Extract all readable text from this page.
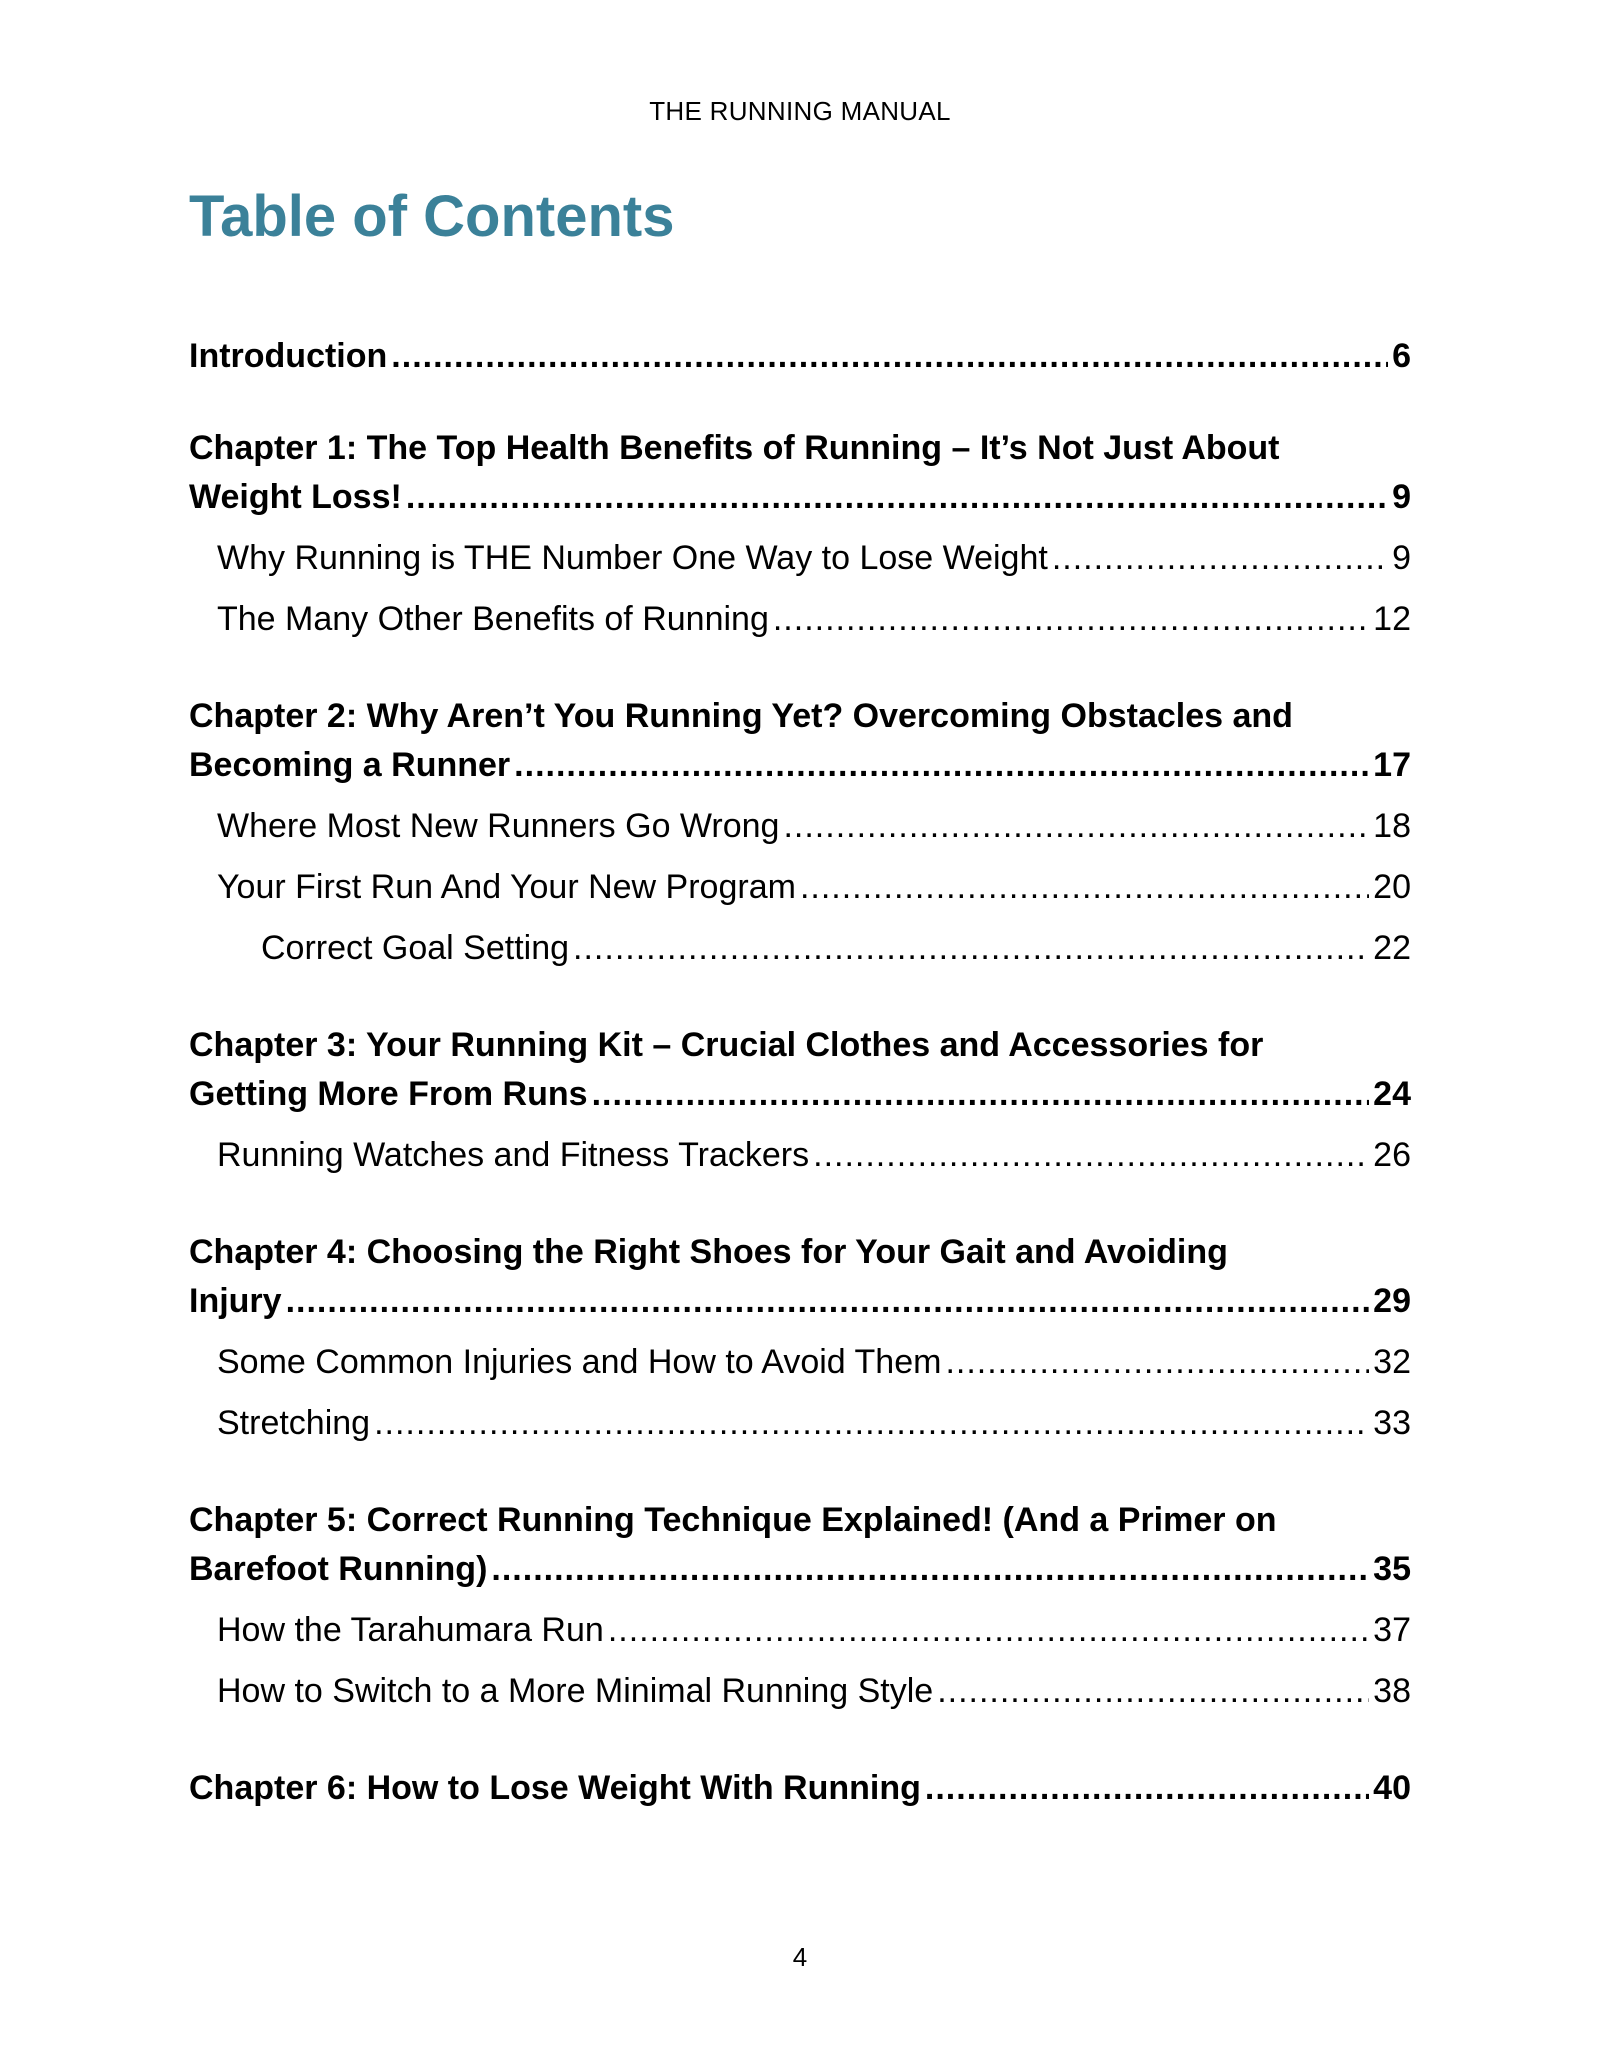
THE RUNNING MANUAL
Table of Contents
Introduction .....	6
Chapter 1: The Top Health Benefits of Running – It’s Not Just About
Weight Loss! .....	9
Why Running is THE Number One Way to Lose Weight .....	9
The Many Other Benefits of Running .....	12
Chapter 2: Why Aren’t You Running Yet? Overcoming Obstacles and
Becoming a Runner .....	17
Where Most New Runners Go Wrong .....	18
Your First Run And Your New Program .....	20
Correct Goal Setting .....	22
Chapter 3: Your Running Kit – Crucial Clothes and Accessories for
Getting More From Runs .....	24
Running Watches and Fitness Trackers .....	26
Chapter 4: Choosing the Right Shoes for Your Gait and Avoiding
Injury .....	29
Some Common Injuries and How to Avoid Them .....	32
Stretching .....	33
Chapter 5: Correct Running Technique Explained! (And a Primer on
Barefoot Running) .....	35
How the Tarahumara Run .....	37
How to Switch to a More Minimal Running Style .....	38
Chapter 6: How to Lose Weight With Running .....	40
4
